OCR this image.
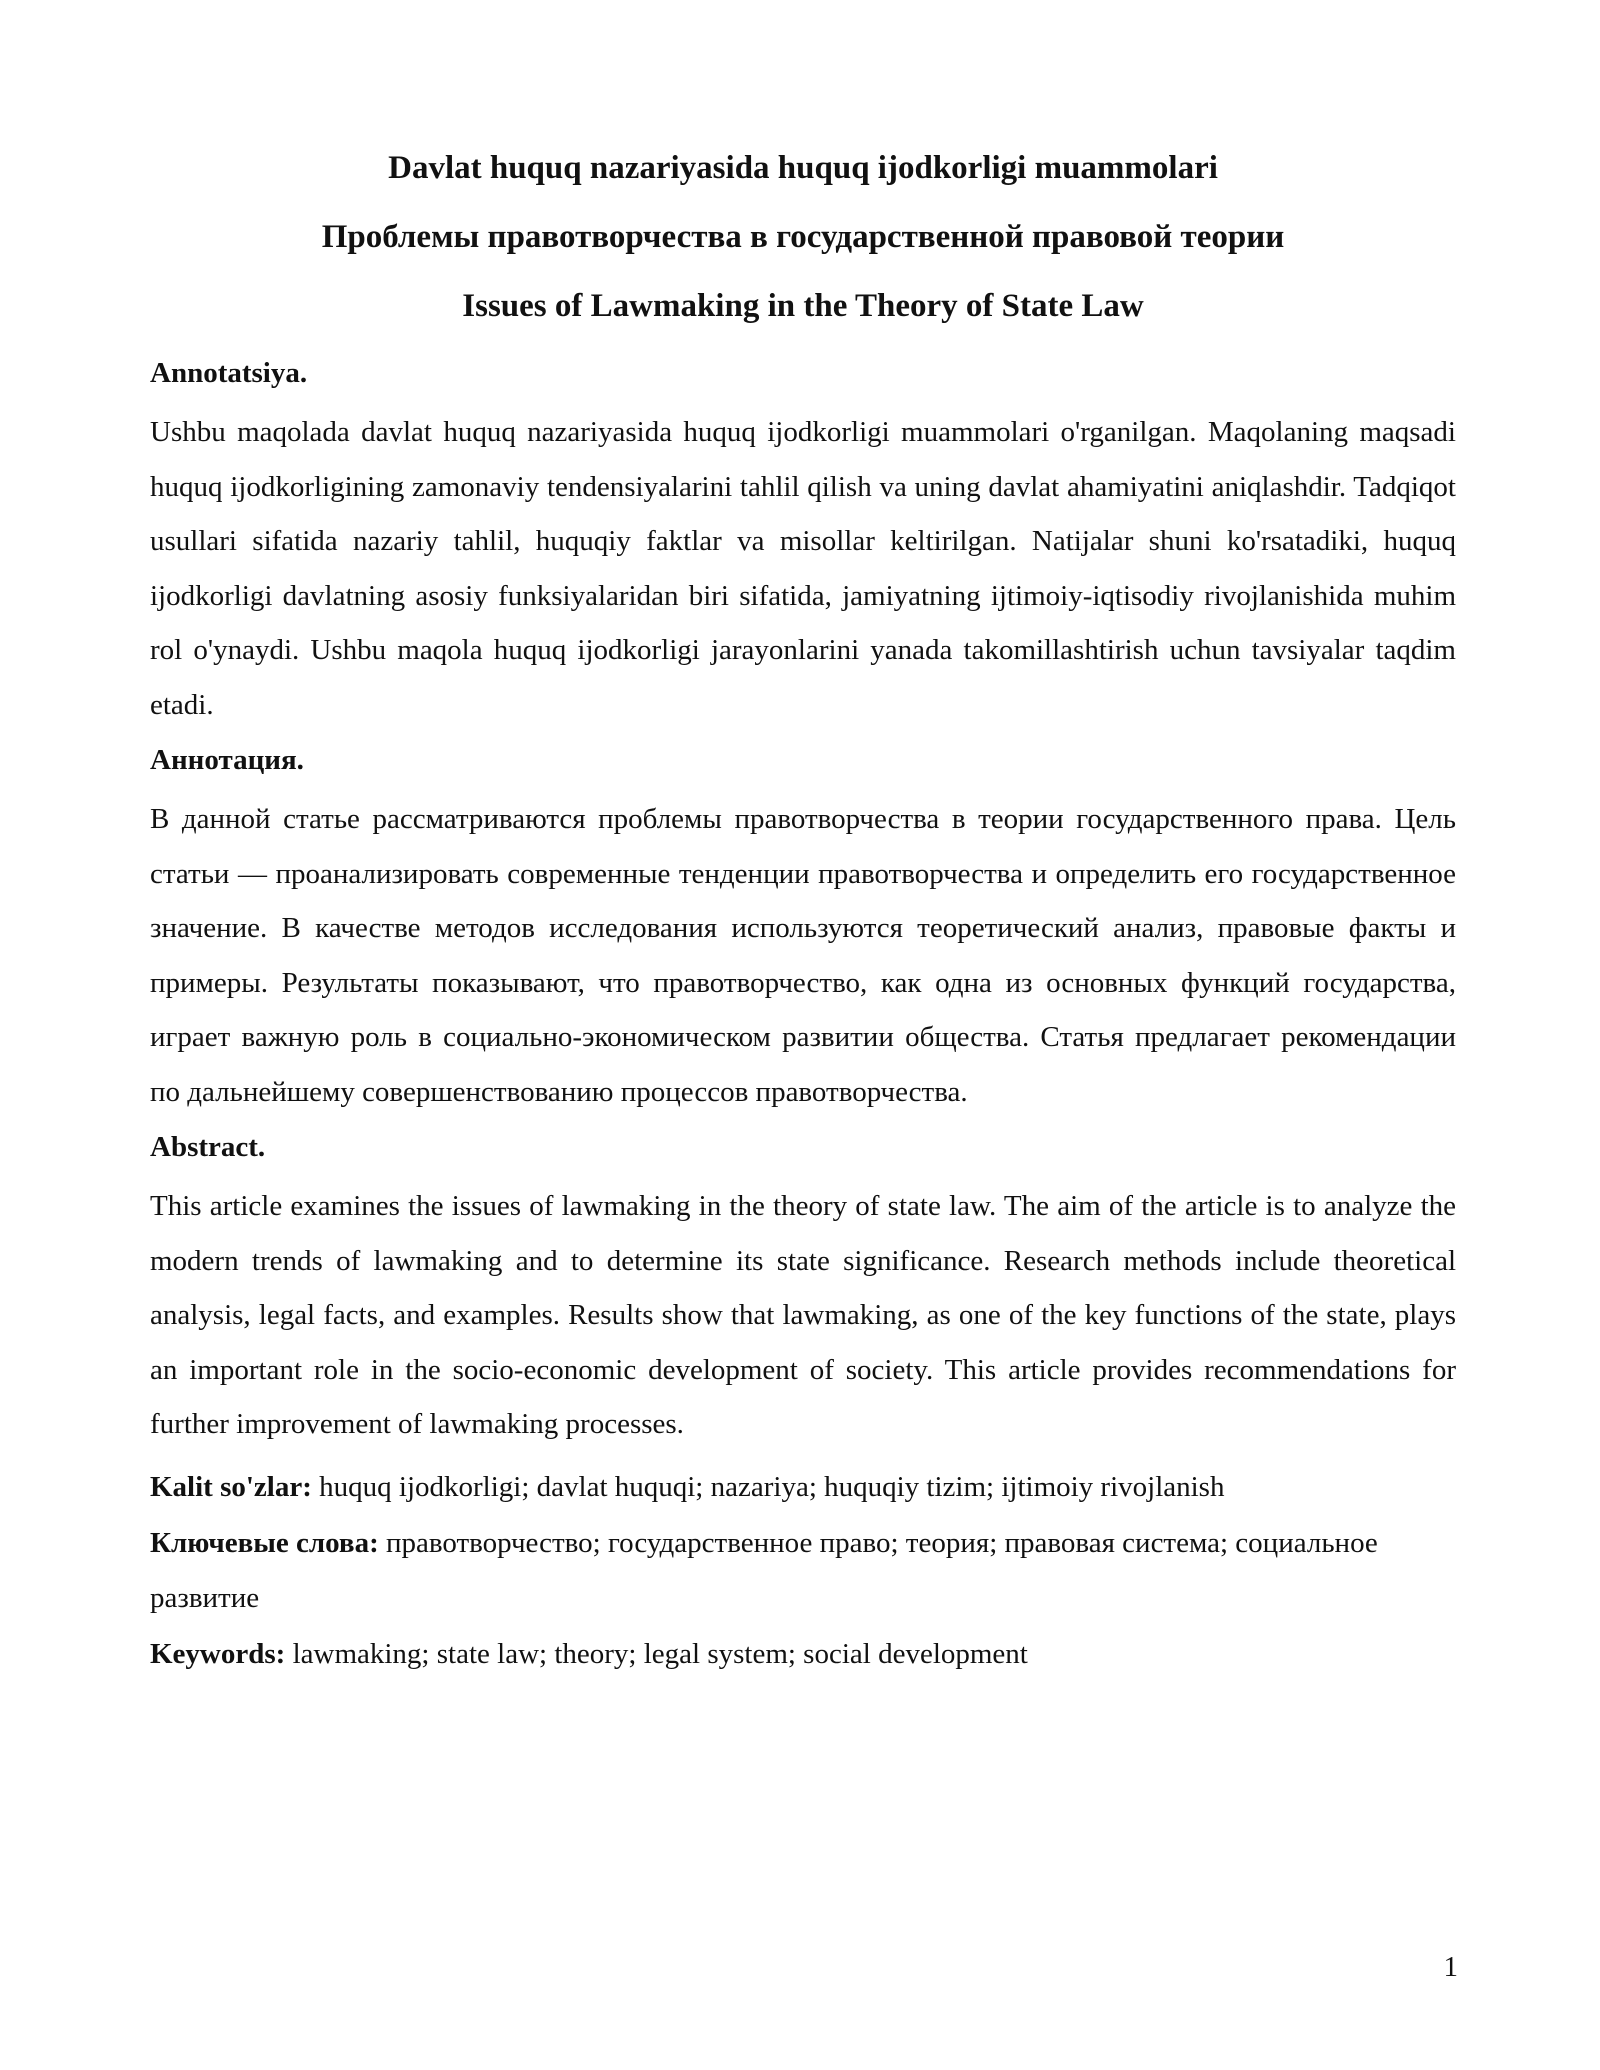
Davlat huquq nazariyasida huquq ijodkorligi muammolari
Проблемы правотворчества в государственной правовой теории
Issues of Lawmaking in the Theory of State Law
Annotatsiya.
Ushbu maqolada davlat huquq nazariyasida huquq ijodkorligi muammolari o'rganilgan. Maqolaning maqsadi huquq ijodkorligining zamonaviy tendensiyalarini tahlil qilish va uning davlat ahamiyatini aniqlashdir. Tadqiqot usullari sifatida nazariy tahlil, huquqiy faktlar va misollar keltirilgan. Natijalar shuni ko'rsatadiki, huquq ijodkorligi davlatning asosiy funksiyalaridan biri sifatida, jamiyatning ijtimoiy-iqtisodiy rivojlanishida muhim rol o'ynaydi. Ushbu maqola huquq ijodkorligi jarayonlarini yanada takomillashtirish uchun tavsiyalar taqdim etadi.
Аннотация.
В данной статье рассматриваются проблемы правотворчества в теории государственного права. Цель статьи — проанализировать современные тенденции правотворчества и определить его государственное значение. В качестве методов исследования используются теоретический анализ, правовые факты и примеры. Результаты показывают, что правотворчество, как одна из основных функций государства, играет важную роль в социально-экономическом развитии общества. Статья предлагает рекомендации по дальнейшему совершенствованию процессов правотворчества.
Abstract.
This article examines the issues of lawmaking in the theory of state law. The aim of the article is to analyze the modern trends of lawmaking and to determine its state significance. Research methods include theoretical analysis, legal facts, and examples. Results show that lawmaking, as one of the key functions of the state, plays an important role in the socio-economic development of society. This article provides recommendations for further improvement of lawmaking processes.
Kalit so'zlar: huquq ijodkorligi; davlat huquqi; nazariya; huquqiy tizim; ijtimoiy rivojlanish
Ключевые слова: правотворчество; государственное право; теория; правовая система; социальное развитие
Keywords: lawmaking; state law; theory; legal system; social development
1
